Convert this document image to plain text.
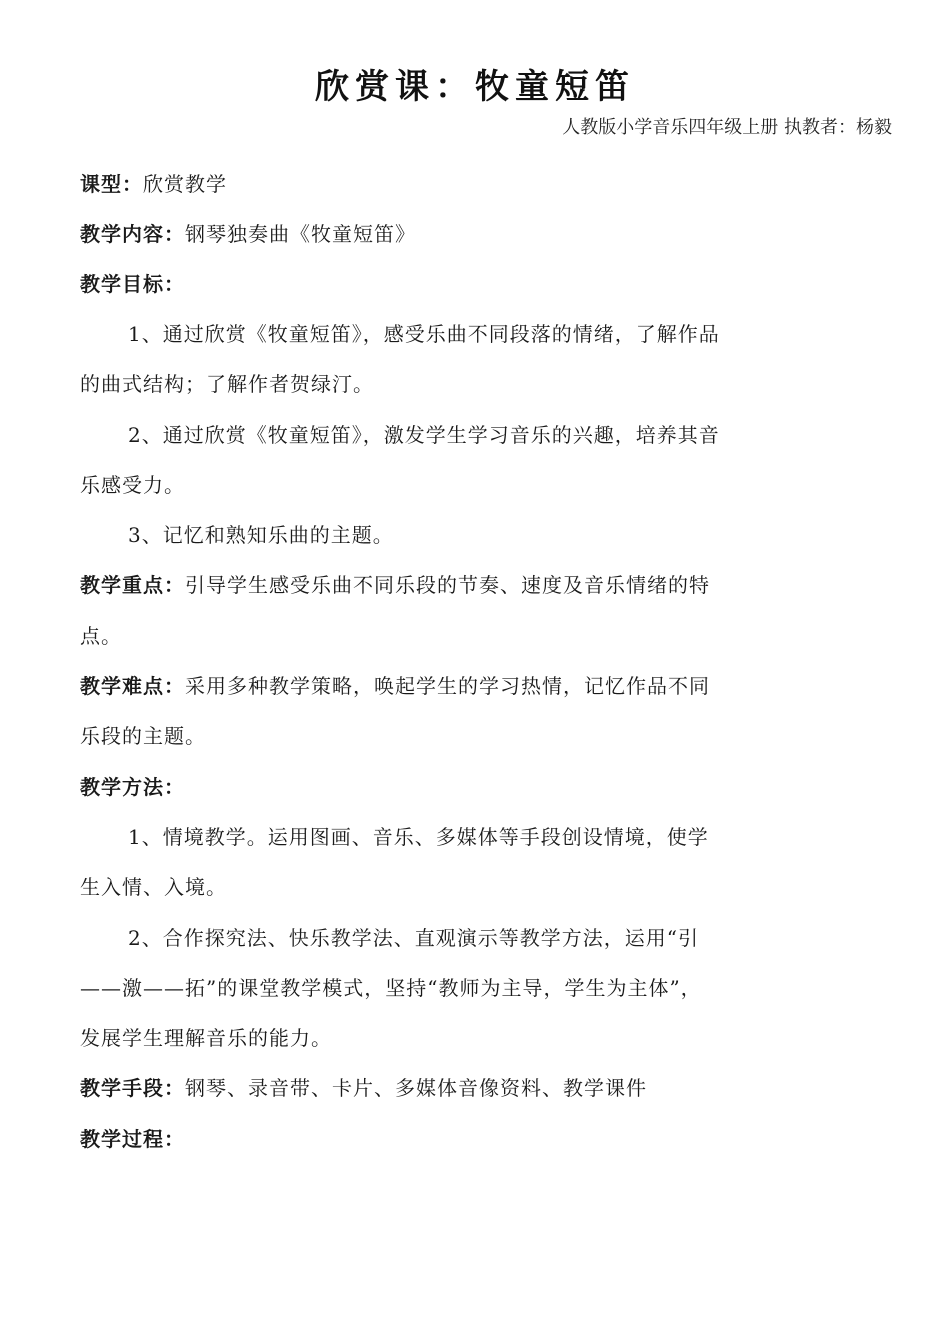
欣赏课：牧童短笛
人教版小学音乐四年级上册 执教者：杨毅
课型：欣赏教学
教学内容：钢琴独奏曲《牧童短笛》
教学目标：
1、通过欣赏《牧童短笛》，感受乐曲不同段落的情绪，了解作品
的曲式结构；了解作者贺绿汀。
2、通过欣赏《牧童短笛》，激发学生学习音乐的兴趣，培养其音
乐感受力。
3、记忆和熟知乐曲的主题。
教学重点：引导学生感受乐曲不同乐段的节奏、速度及音乐情绪的特
点。
教学难点：采用多种教学策略，唤起学生的学习热情，记忆作品不同
乐段的主题。
教学方法：
1、情境教学。运用图画、音乐、多媒体等手段创设情境，使学
生入情、入境。
2、合作探究法、快乐教学法、直观演示等教学方法，运用“引
——激——拓”的课堂教学模式，坚持“教师为主导，学生为主体”，
发展学生理解音乐的能力。
教学手段：钢琴、录音带、卡片、多媒体音像资料、教学课件
教学过程：
